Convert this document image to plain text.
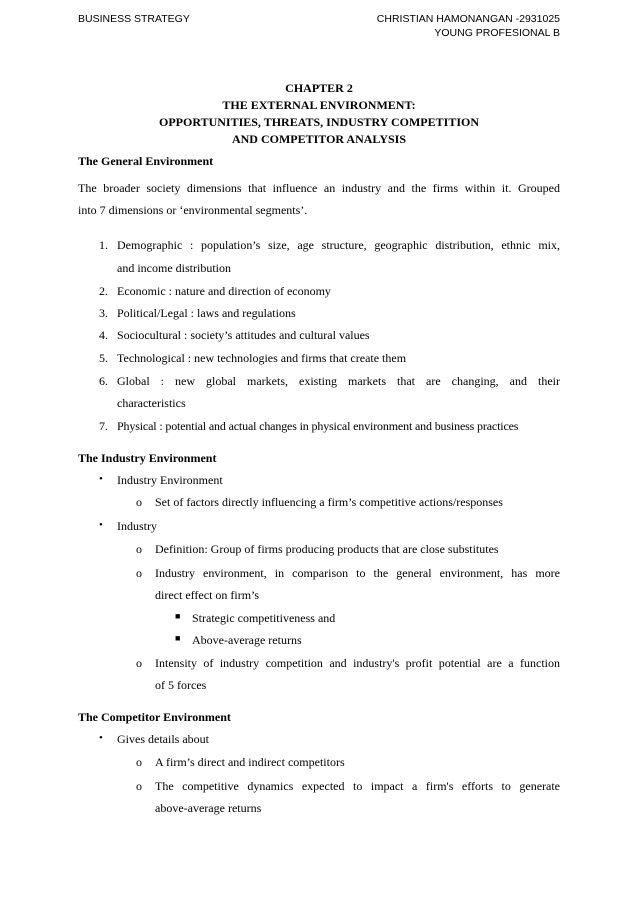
BUSINESS STRATEGY	CHRISTIAN HAMONANGAN -2931025
YOUNG PROFESIONAL B
CHAPTER 2
THE EXTERNAL ENVIRONMENT:
OPPORTUNITIES, THREATS, INDUSTRY COMPETITION
AND COMPETITOR ANALYSIS
The General Environment
The broader society dimensions that influence an industry and the firms within it. Grouped
into 7 dimensions or ‘environmental segments’.
1. Demographic : population’s size, age structure, geographic distribution, ethnic mix,
and income distribution
2. Economic : nature and direction of economy
3. Political/Legal : laws and regulations
4. Sociocultural : society’s attitudes and cultural values
5. Technological : new technologies and firms that create them
6. Global : new global markets, existing markets that are changing, and their
characteristics
7. Physical : potential and actual changes in physical environment and business practices
The Industry Environment
• Industry Environment
o Set of factors directly influencing a firm’s competitive actions/responses
• Industry
o Definition: Group of firms producing products that are close substitutes
o Industry environment, in comparison to the general environment, has more
direct effect on firm’s
■ Strategic competitiveness and
■ Above-average returns
o Intensity of industry competition and industry's profit potential are a function
of 5 forces
The Competitor Environment
• Gives details about
o A firm’s direct and indirect competitors
o The competitive dynamics expected to impact a firm's efforts to generate
above-average returns
